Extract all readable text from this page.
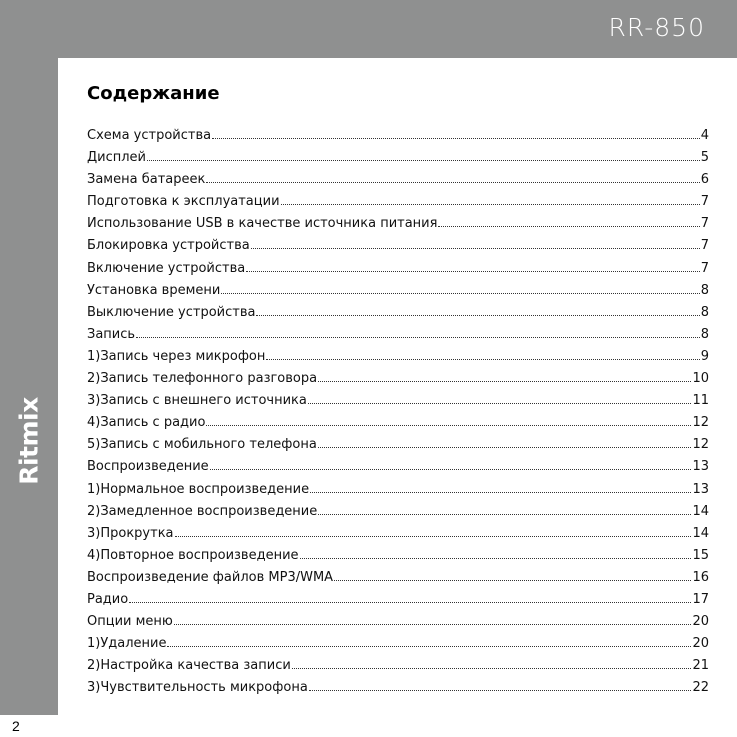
RR-850
Ritmix
2
Содержание
Схема устройства	4
Дисплей	5
Замена батареек	6
Подготовка к эксплуатации	7
Использование USB в качестве источника питания	7
Блокировка устройства	7
Включение устройства	7
Установка времени	8
Выключение устройства	8
Запись	8
1)Запись через микрофон	9
2)Запись телефонного разговора	10
3)Запись с внешнего источника	11
4)Запись с радио	12
5)Запись с мобильного телефона	12
Воспроизведение	13
1)Нормальное воспроизведение	13
2)Замедленное воспроизведение	14
3)Прокрутка	14
4)Повторное воспроизведение	15
Воспроизведение файлов MP3/WMA	16
Радио	17
Опции меню	20
1)Удаление	20
2)Настройка качества записи	21
3)Чувствительность микрофона	22
